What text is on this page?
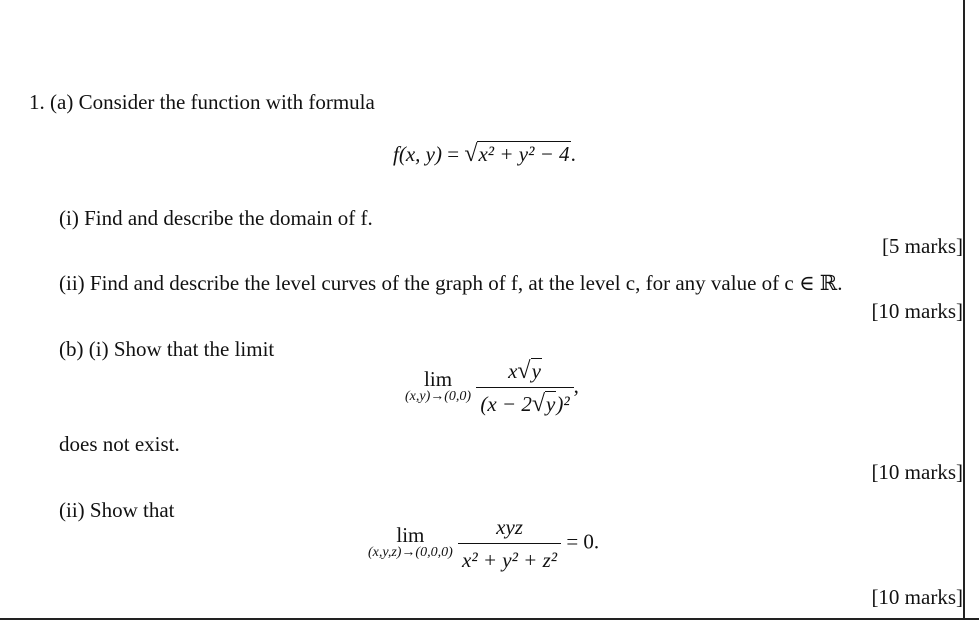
1. (a) Consider the function with formula
f(x, y) = √x² + y² − 4.
(i) Find and describe the domain of f.
[5 marks]
(ii) Find and describe the level curves of the graph of f, at the level c, for any value of c ∈ ℝ.
[10 marks]
(b) (i) Show that the limit
lim
(x,y)→(0,0)
$\frac{x√y}{\text{(x − 2√y)²}}$ ,
does not exist.
[10 marks]
(ii) Show that
lim
(x,y,z)→(0,0,0)
$\frac{\text{xyz}}{\text{x² + y² + z²}} = 0$.
[10 marks]
